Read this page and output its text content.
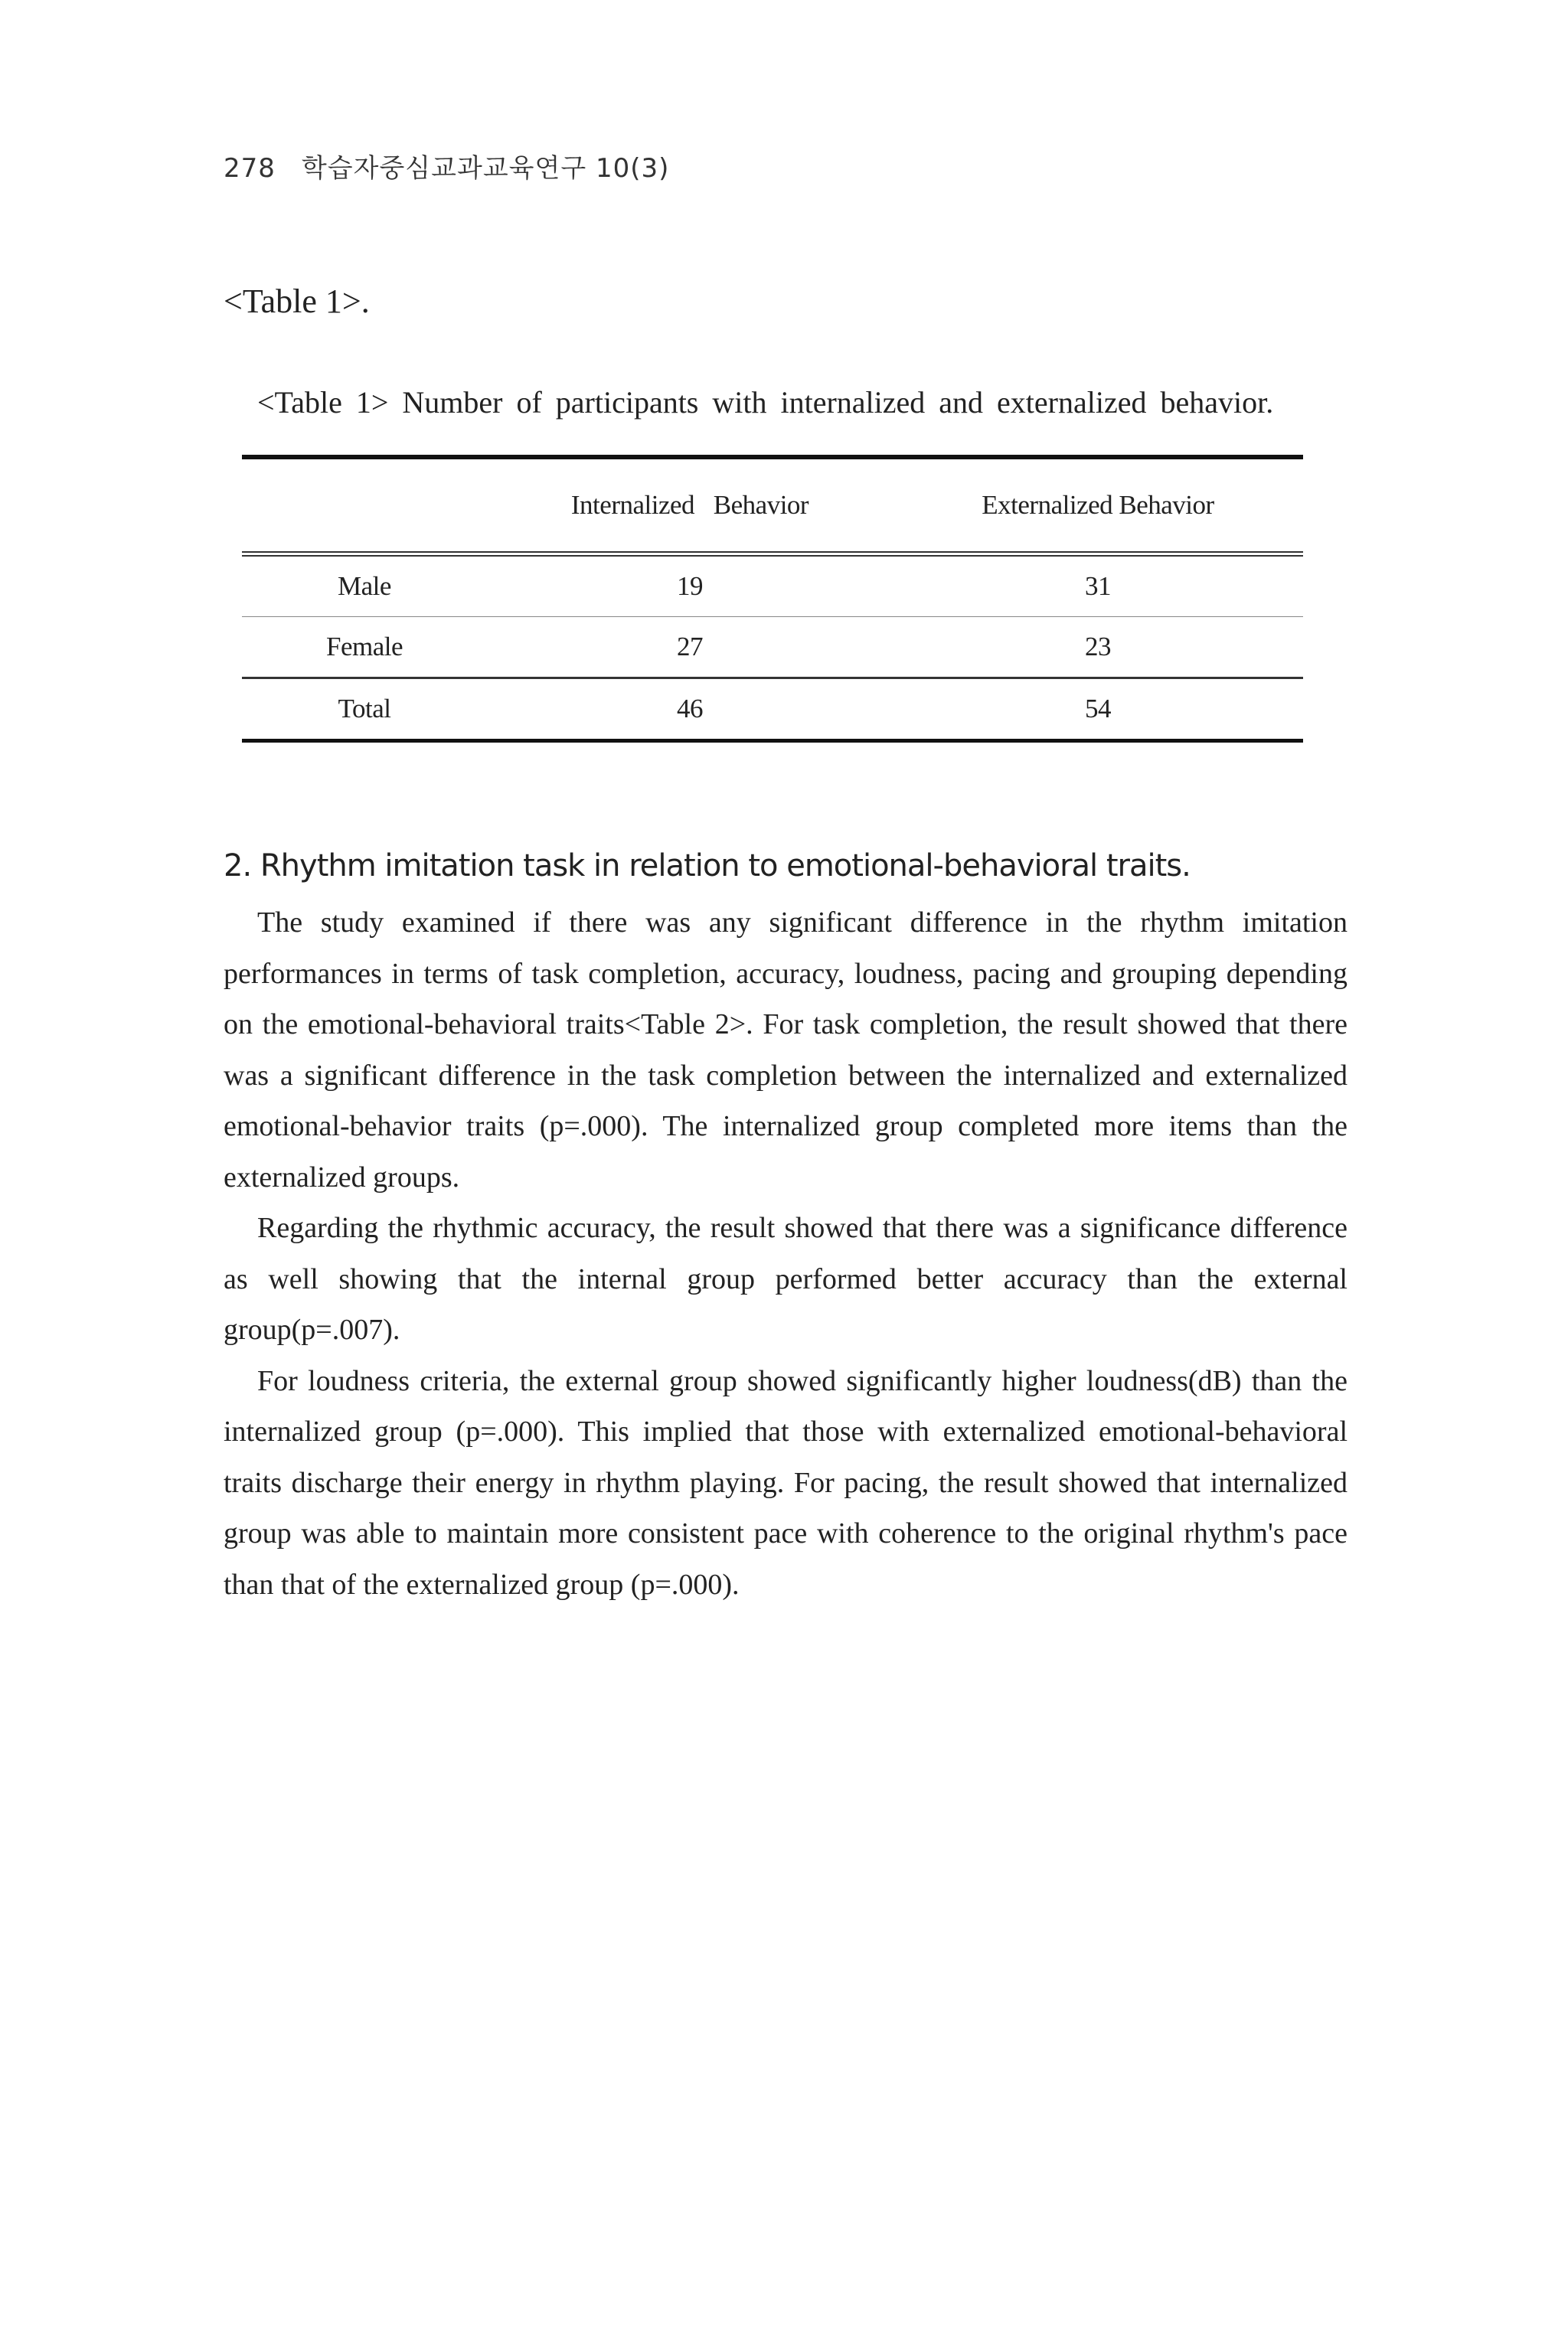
278 학습자중심교과교육연구 10(3)
<Table 1>.
<Table 1> Number of participants with internalized and externalized behavior.
	Internalized   Behavior	Externalized Behavior
Male	19	31
Female	27	23
Total	46	54
2. Rhythm imitation task in relation to emotional-behavioral traits.

The study examined if there was any significant difference in the rhythm imitation performances in terms of task completion, accuracy, loudness, pacing and grouping depending on the emotional-behavioral traits<Table 2>. For task completion, the result showed that there was a significant difference in the task completion between the internalized and externalized emotional-behavior traits (p=.000). The internalized group completed more items than the externalized groups.

Regarding the rhythmic accuracy, the result showed that there was a significance difference as well showing that the internal group performed better accuracy than the external group(p=.007).

For loudness criteria, the external group showed significantly higher loudness(dB) than the internalized group (p=.000). This implied that those with externalized emotional-behavioral traits discharge their energy in rhythm playing. For pacing, the result showed that internalized group was able to maintain more consistent pace with coherence to the original rhythm's pace than that of the externalized group (p=.000).
